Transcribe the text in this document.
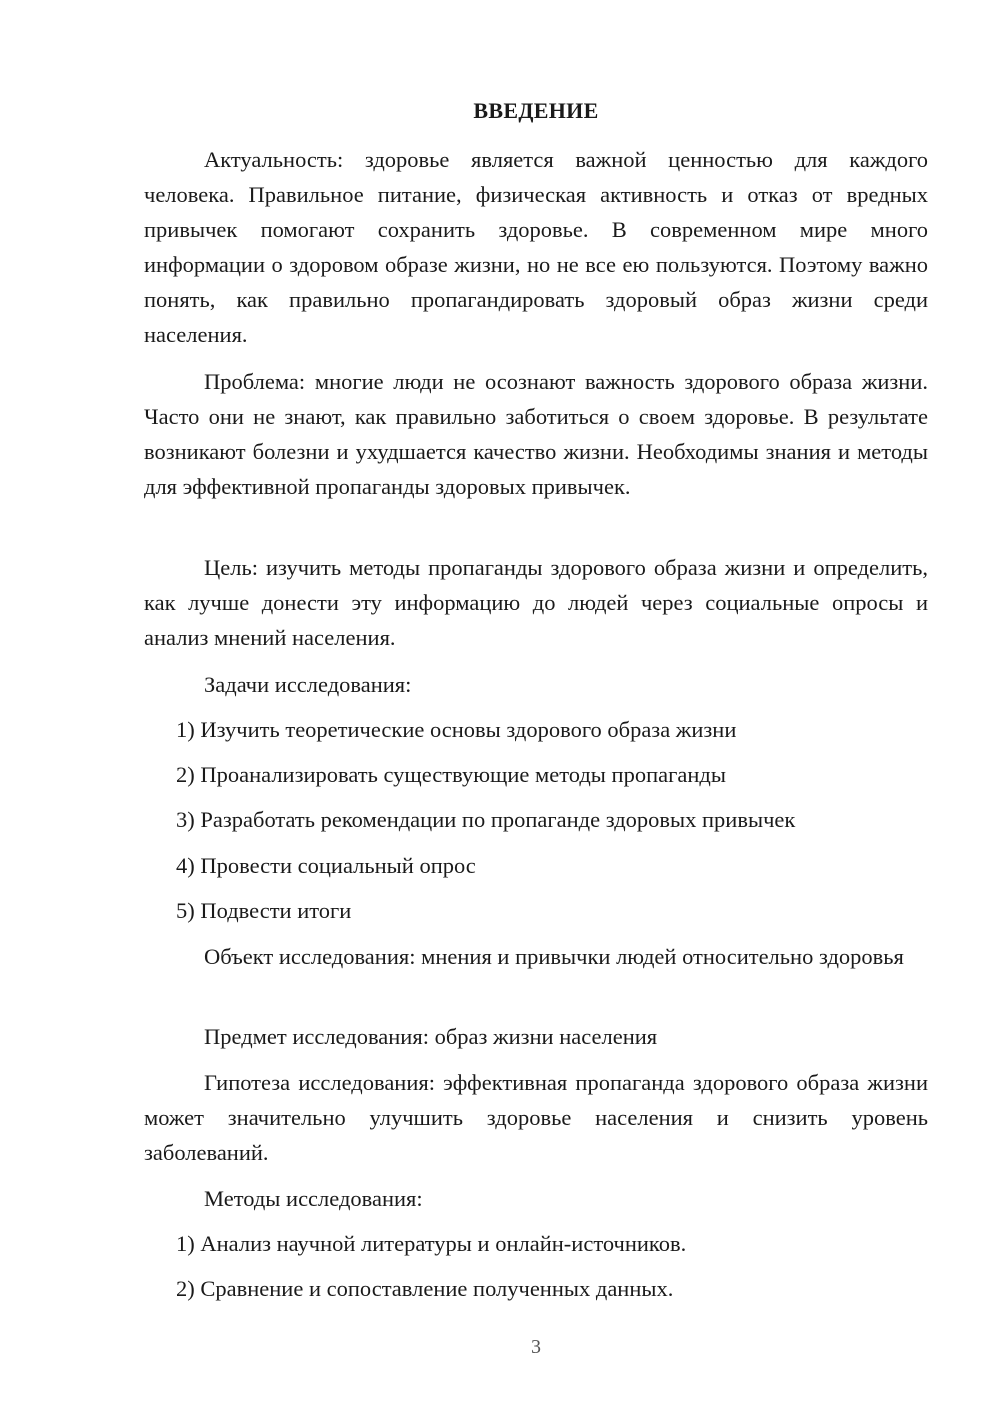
ВВЕДЕНИЕ

Актуальность: здоровье является важной ценностью для каждого человека. Правильное питание, физическая активность и отказ от вредных привычек помогают сохранить здоровье. В современном мире много информации о здоровом образе жизни, но не все ею пользуются. Поэтому важно понять, как правильно пропагандировать здоровый образ жизни среди населения.

Проблема: многие люди не осознают важность здорового образа жизни. Часто они не знают, как правильно заботиться о своем здоровье. В результате возникают болезни и ухудшается качество жизни. Необходимы знания и методы для эффективной пропаганды здоровых привычек.

Цель: изучить методы пропаганды здорового образа жизни и определить, как лучше донести эту информацию до людей через социальные опросы и анализ мнений населения.

Задачи исследования:

1) Изучить теоретические основы здорового образа жизни
2) Проанализировать существующие методы пропаганды
3) Разработать рекомендации по пропаганде здоровых привычек
4) Провести социальный опрос
5) Подвести итоги

Объект исследования: мнения и привычки людей относительно здоровья

Предмет исследования: образ жизни населения

Гипотеза исследования: эффективная пропаганда здорового образа жизни может значительно улучшить здоровье населения и снизить уровень заболеваний.

Методы исследования:

1) Анализ научной литературы и онлайн-источников.
2) Сравнение и сопоставление полученных данных.
3
